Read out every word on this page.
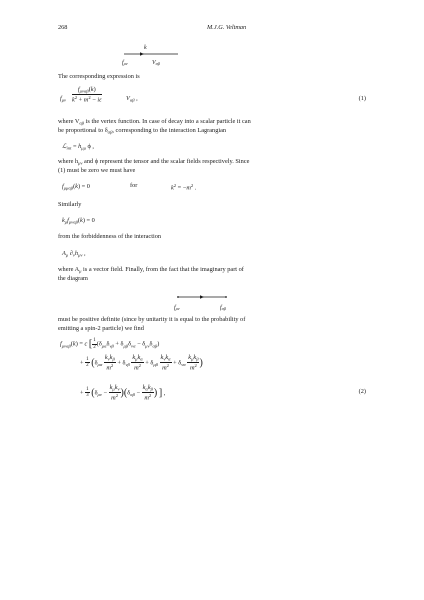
268	M.J.G. Veltman
k
fμν	Vαβ
The corresponding expression is
$f_{\mu\nu} \frac{f_{\mu\nu\alpha\beta}(k)}{k^2 + m^2 - i\varepsilon}$	$V_{\alpha\beta}$ ,	(1)
where $V_{\alpha\beta}$ is the vertex function. In case of decay into a scalar particle it can
be proportional to $\delta_{\alpha\beta}$, corresponding to the interaction Lagrangian
ℒ$_{int}$ = $h_{\mu\mu}$ ϕ ,
where $h_{\mu\nu}$ and ϕ represent the tensor and the scalar fields respectively. Since
(1) must be zero we must have
$f_{\mu\mu\alpha\beta}(k) = 0$	for	$k^2 = -m^2$ .
Similarly
$k_\mu f_{\mu\nu\alpha\beta}(k) = 0$
from the forbiddenness of the interaction
$A_\mu$ $\partial_\nu h_{\mu\nu}$ ,
where $A_\mu$ is a vector field. Finally, from the fact that the imaginary part of
the diagram
fμν	fαβ
must be positive definite (since by unitarity it is equal to the probability of
emitting a spin-2 particle) we find
$f_{\mu\nu\alpha\beta}(k) = c$ [ $\frac{1}{2} (\delta_{\mu\alpha}\delta_{\nu\beta} + \delta_{\mu\beta}\delta_{\nu\alpha} - \delta_{\mu\nu}\delta_{\alpha\beta})$
+ $\frac{1}{2} (\delta_{\mu\alpha} \frac{k_\nu k_\beta}{m^2} + \delta_{\nu\beta} \frac{k_\mu k_\alpha}{m^2} + \delta_{\mu\beta} \frac{k_\nu k_\alpha}{m^2} + \delta_{\nu\alpha} \frac{k_\mu k_\beta}{m^2}$ )
+ $\frac{1}{3} (\delta_{\mu\nu} - \frac{k_\mu k_\nu}{m^2} )(\delta_{\alpha\beta} - \frac{k_\alpha k_\beta}{m^2}$ ) ] ,	(2)
